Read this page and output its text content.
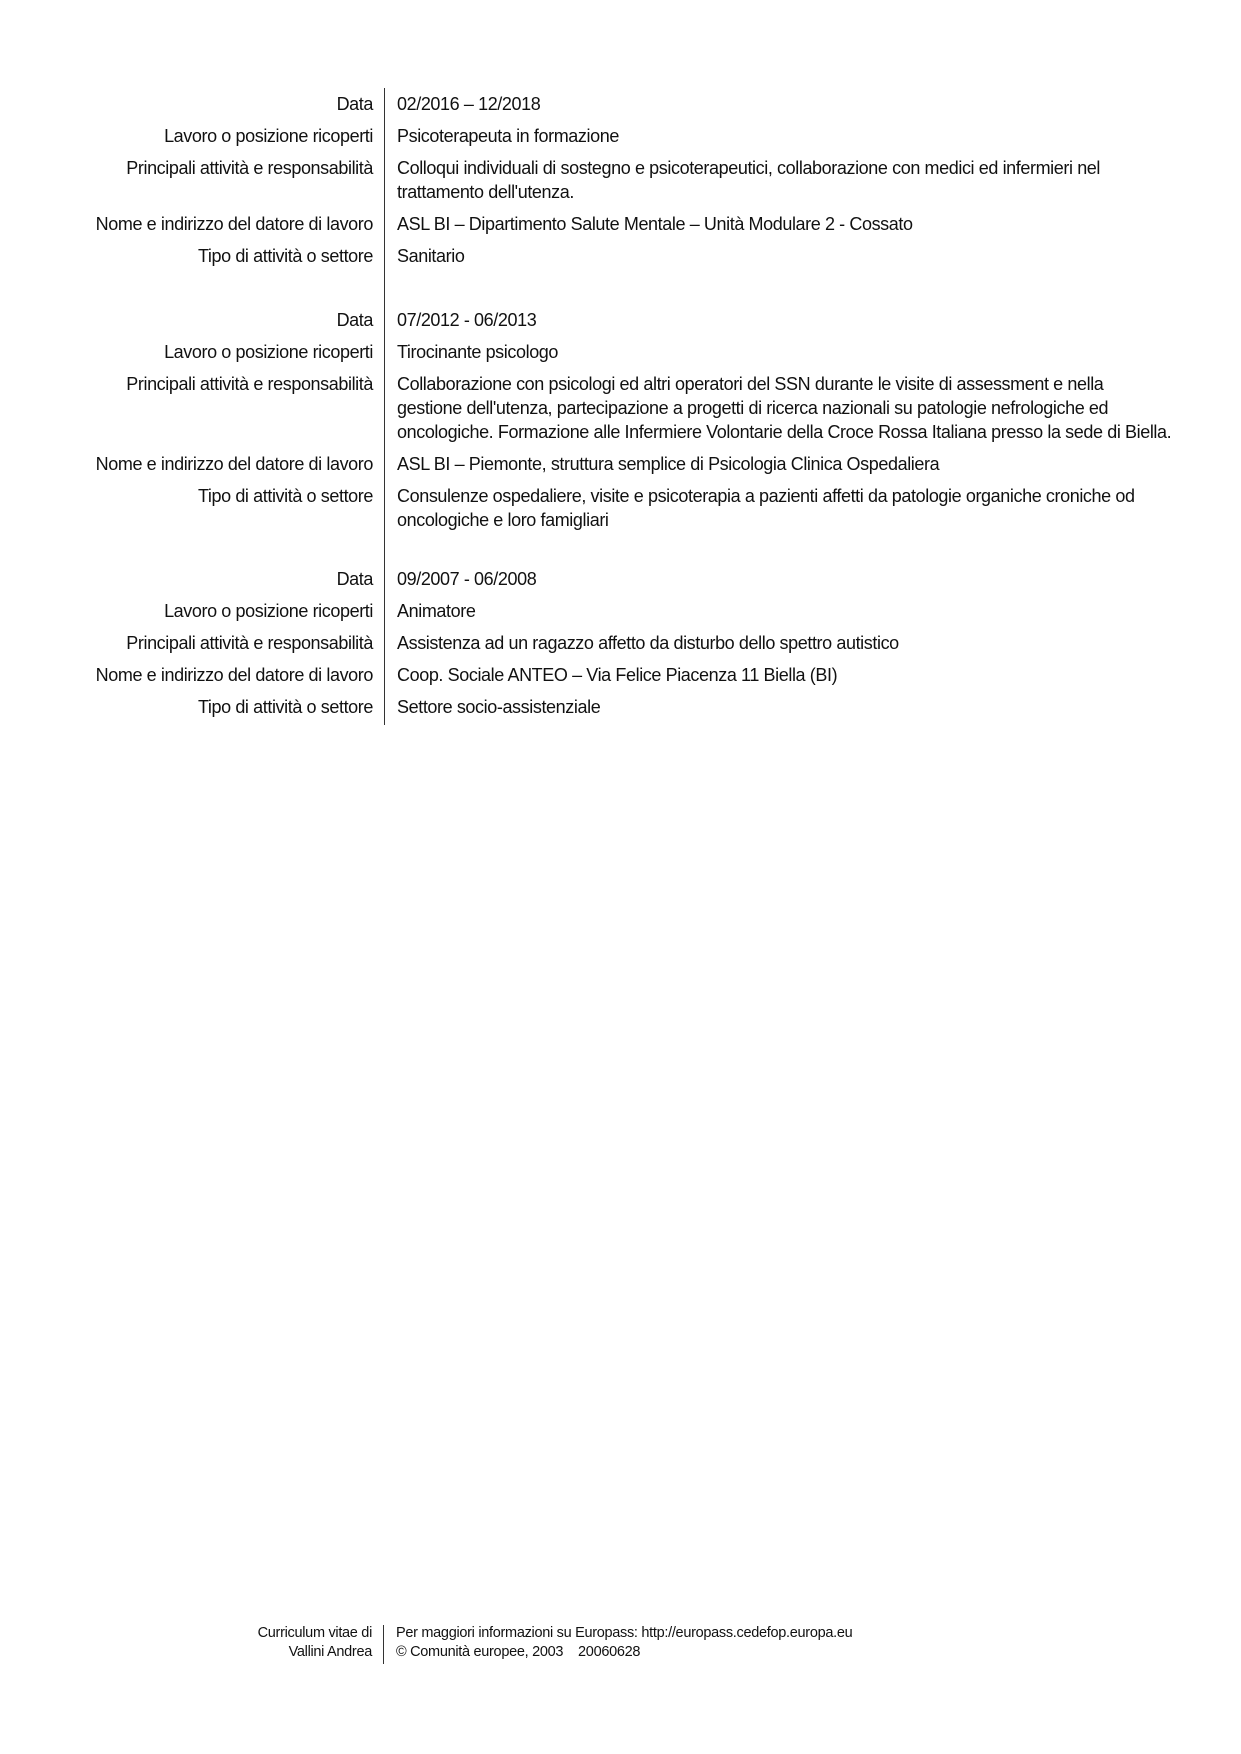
Data 02/2016 – 12/2018
Lavoro o posizione ricoperti Psicoterapeuta in formazione
Principali attività e responsabilità Colloqui individuali di sostegno e psicoterapeutici, collaborazione con medici ed infermieri nel
trattamento dell'utenza.
Nome e indirizzo del datore di lavoro ASL BI – Dipartimento Salute Mentale – Unità Modulare 2 - Cossato
Tipo di attività o settore Sanitario
Data 07/2012 - 06/2013
Lavoro o posizione ricoperti Tirocinante psicologo
Principali attività e responsabilità Collaborazione con psicologi ed altri operatori del SSN durante le visite di assessment e nella
gestione dell'utenza, partecipazione a progetti di ricerca nazionali su patologie nefrologiche ed
oncologiche. Formazione alle Infermiere Volontarie della Croce Rossa Italiana presso la sede di Biella.
Nome e indirizzo del datore di lavoro ASL BI – Piemonte, struttura semplice di Psicologia Clinica Ospedaliera
Tipo di attività o settore Consulenze ospedaliere, visite e psicoterapia a pazienti affetti da patologie organiche croniche od
oncologiche e loro famigliari
Data 09/2007 - 06/2008
Lavoro o posizione ricoperti Animatore
Principali attività e responsabilità Assistenza ad un ragazzo affetto da disturbo dello spettro autistico
Nome e indirizzo del datore di lavoro Coop. Sociale ANTEO – Via Felice Piacenza 11 Biella (BI)
Tipo di attività o settore Settore socio-assistenziale
Curriculum vitae di
Vallini Andrea
Per maggiori informazioni su Europass: http://europass.cedefop.europa.eu
© Comunità europee, 2003    20060628
